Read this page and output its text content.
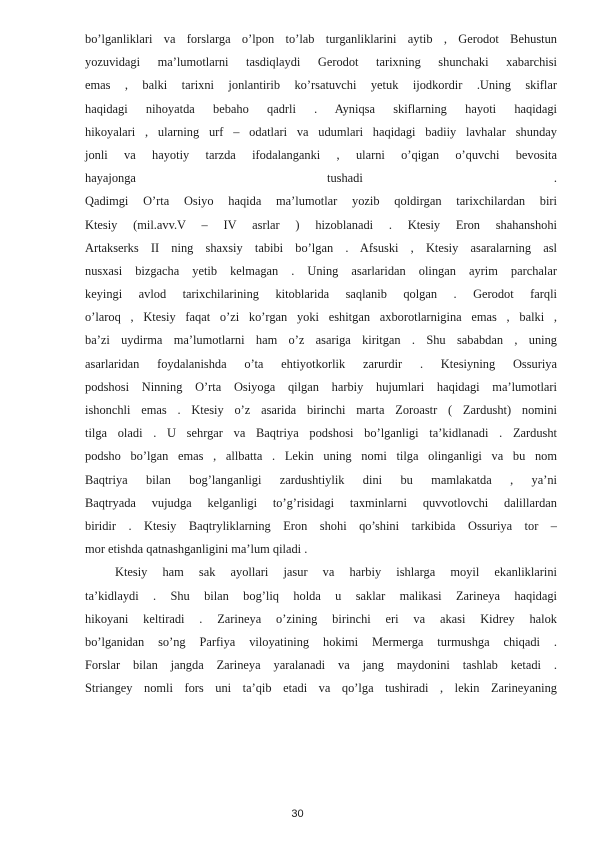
bo’lganliklari va forslarga o’lpon to’lab turganliklarini aytib , Gerodot Behustun
yozuvidagi ma’lumotlarni tasdiqlaydi Gerodot tarixning shunchaki xabarchisi
emas , balki tarixni jonlantirib ko’rsatuvchi yetuk ijodkordir .Uning skiflar
haqidagi nihoyatda bebaho qadrli . Ayniqsa skiflarning hayoti haqidagi
hikoyalari , ularning urf – odatlari va udumlari haqidagi badiiy lavhalar shunday
jonli va hayotiy tarzda ifodalanganki , ularni o’qigan o’quvchi bevosita
hayajonga tushadi .
Qadimgi O’rta Osiyo haqida ma’lumotlar yozib qoldirgan tarixchilardan biri
Ktesiy (mil.avv.V – IV asrlar ) hizoblanadi . Ktesiy Eron shahanshohi
Artakserks II ning shaxsiy tabibi bo’lgan . Afsuski , Ktesiy asaralarning asl
nusxasi bizgacha yetib kelmagan . Uning asarlaridan olingan ayrim parchalar
keyingi avlod tarixchilarining kitoblarida saqlanib qolgan . Gerodot farqli
o’laroq , Ktesiy faqat o’zi ko’rgan yoki eshitgan axborotlarnigina emas , balki ,
ba’zi uydirma ma’lumotlarni ham o’z asariga kiritgan . Shu sababdan , uning
asarlaridan foydalanishda o’ta ehtiyotkorlik zarurdir . Ktesiyning Ossuriya
podshosi Ninning O’rta Osiyoga qilgan harbiy hujumlari haqidagi ma’lumotlari
ishonchli emas . Ktesiy o’z asarida birinchi marta Zoroastr ( Zardusht) nomini
tilga oladi . U sehrgar va Baqtriya podshosi bo’lganligi ta’kidlanadi . Zardusht
podsho bo’lgan emas , allbatta . Lekin uning nomi tilga olinganligi va bu nom
Baqtriya bilan bog’langanligi zardushtiylik dini bu mamlakatda , ya’ni
Baqtryada vujudga kelganligi to’g’risidagi taxminlarni quvvotlovchi dalillardan
biridir . Ktesiy Baqtryliklarning Eron shohi qo’shini tarkibida Ossuriya tor –
mor etishda qatnashganligini ma’lum qiladi .
Ktesiy ham sak ayollari jasur va harbiy ishlarga moyil ekanliklarini
ta’kidlaydi . Shu bilan bog’liq holda u saklar malikasi Zarineya haqidagi
hikoyani keltiradi . Zarineya o’zining birinchi eri va akasi Kidrey halok
bo’lganidan so’ng Parfiya viloyatining hokimi Mermerga turmushga chiqadi .
Forslar bilan jangda Zarineya yaralanadi va jang maydonini tashlab ketadi .
Striangey nomli fors uni ta’qib etadi va qo’lga tushiradi , lekin Zarineyaning
30
